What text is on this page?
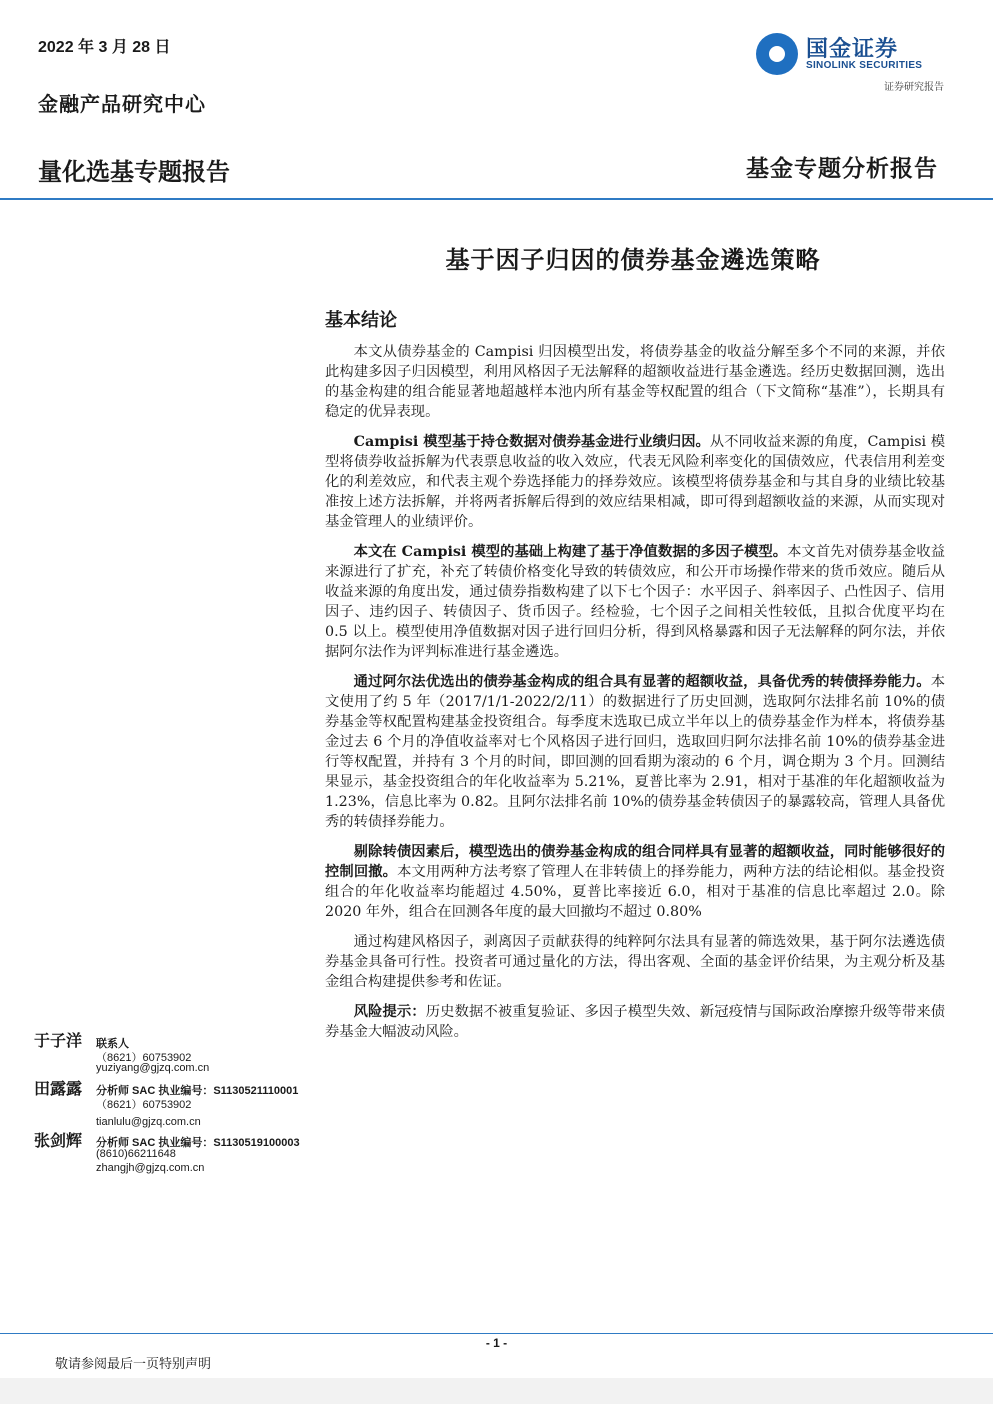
2022 年 3 月 28 日
金融产品研究中心
量化选基专题报告	基金专题分析报告
国金证券
SINOLINK SECURITIES
证券研究报告
基于因子归因的债券基金遴选策略
基本结论

本文从债券基金的 Campisi 归因模型出发，将债券基金的收益分解至多个不同的来源，并依此构建多因子归因模型，利用风格因子无法解释的超额收益进行基金遴选。经历史数据回测，选出的基金构建的组合能显著地超越样本池内所有基金等权配置的组合（下文简称“基准”），长期具有稳定的优异表现。

Campisi 模型基于持仓数据对债券基金进行业绩归因。从不同收益来源的角度，Campisi 模型将债券收益拆解为代表票息收益的收入效应，代表无风险利率变化的国债效应，代表信用利差变化的利差效应，和代表主观个券选择能力的择券效应。该模型将债券基金和与其自身的业绩比较基准按上述方法拆解，并将两者拆解后得到的效应结果相减，即可得到超额收益的来源，从而实现对基金管理人的业绩评价。

本文在 Campisi 模型的基础上构建了基于净值数据的多因子模型。本文首先对债券基金收益来源进行了扩充，补充了转债价格变化导致的转债效应，和公开市场操作带来的货币效应。随后从收益来源的角度出发，通过债券指数构建了以下七个因子：水平因子、斜率因子、凸性因子、信用因子、违约因子、转债因子、货币因子。经检验，七个因子之间相关性较低，且拟合优度平均在 0.5 以上。模型使用净值数据对因子进行回归分析，得到风格暴露和因子无法解释的阿尔法，并依据阿尔法作为评判标准进行基金遴选。

通过阿尔法优选出的债券基金构成的组合具有显著的超额收益，具备优秀的转债择券能力。本文使用了约 5 年（2017/1/1-2022/2/11）的数据进行了历史回测，选取阿尔法排名前 10%的债券基金等权配置构建基金投资组合。每季度末选取已成立半年以上的债券基金作为样本，将债券基金过去 6 个月的净值收益率对七个风格因子进行回归，选取回归阿尔法排名前 10%的债券基金进行等权配置，并持有 3 个月的时间，即回测的回看期为滚动的 6 个月，调仓期为 3 个月。回测结果显示，基金投资组合的年化收益率为 5.21%，夏普比率为 2.91，相对于基准的年化超额收益为 1.23%，信息比率为 0.82。且阿尔法排名前 10%的债券基金转债因子的暴露较高，管理人具备优秀的转债择券能力。

剔除转债因素后，模型选出的债券基金构成的组合同样具有显著的超额收益，同时能够很好的控制回撤。本文用两种方法考察了管理人在非转债上的择券能力，两种方法的结论相似。基金投资组合的年化收益率均能超过 4.50%，夏普比率接近 6.0，相对于基准的信息比率超过 2.0。除 2020 年外，组合在回测各年度的最大回撤均不超过 0.80%

通过构建风格因子，剥离因子贡献获得的纯粹阿尔法具有显著的筛选效果，基于阿尔法遴选债券基金具备可行性。投资者可通过量化的方法，得出客观、全面的基金评价结果，为主观分析及基金组合构建提供参考和佐证。

风险提示：历史数据不被重复验证、多因子模型失效、新冠疫情与国际政治摩擦升级等带来债券基金大幅波动风险。

于子洋 联系人
（8621）60753902
yuziyang@gjzq.com.cn
田露露 分析师 SAC 执业编号：S1130521110001
（8621）60753902
tianlulu@gjzq.com.cn
张剑辉 分析师 SAC 执业编号：S1130519100003
(8610)66211648
zhangjh@gjzq.com.cn
- 1 -
敬请参阅最后一页特别声明
